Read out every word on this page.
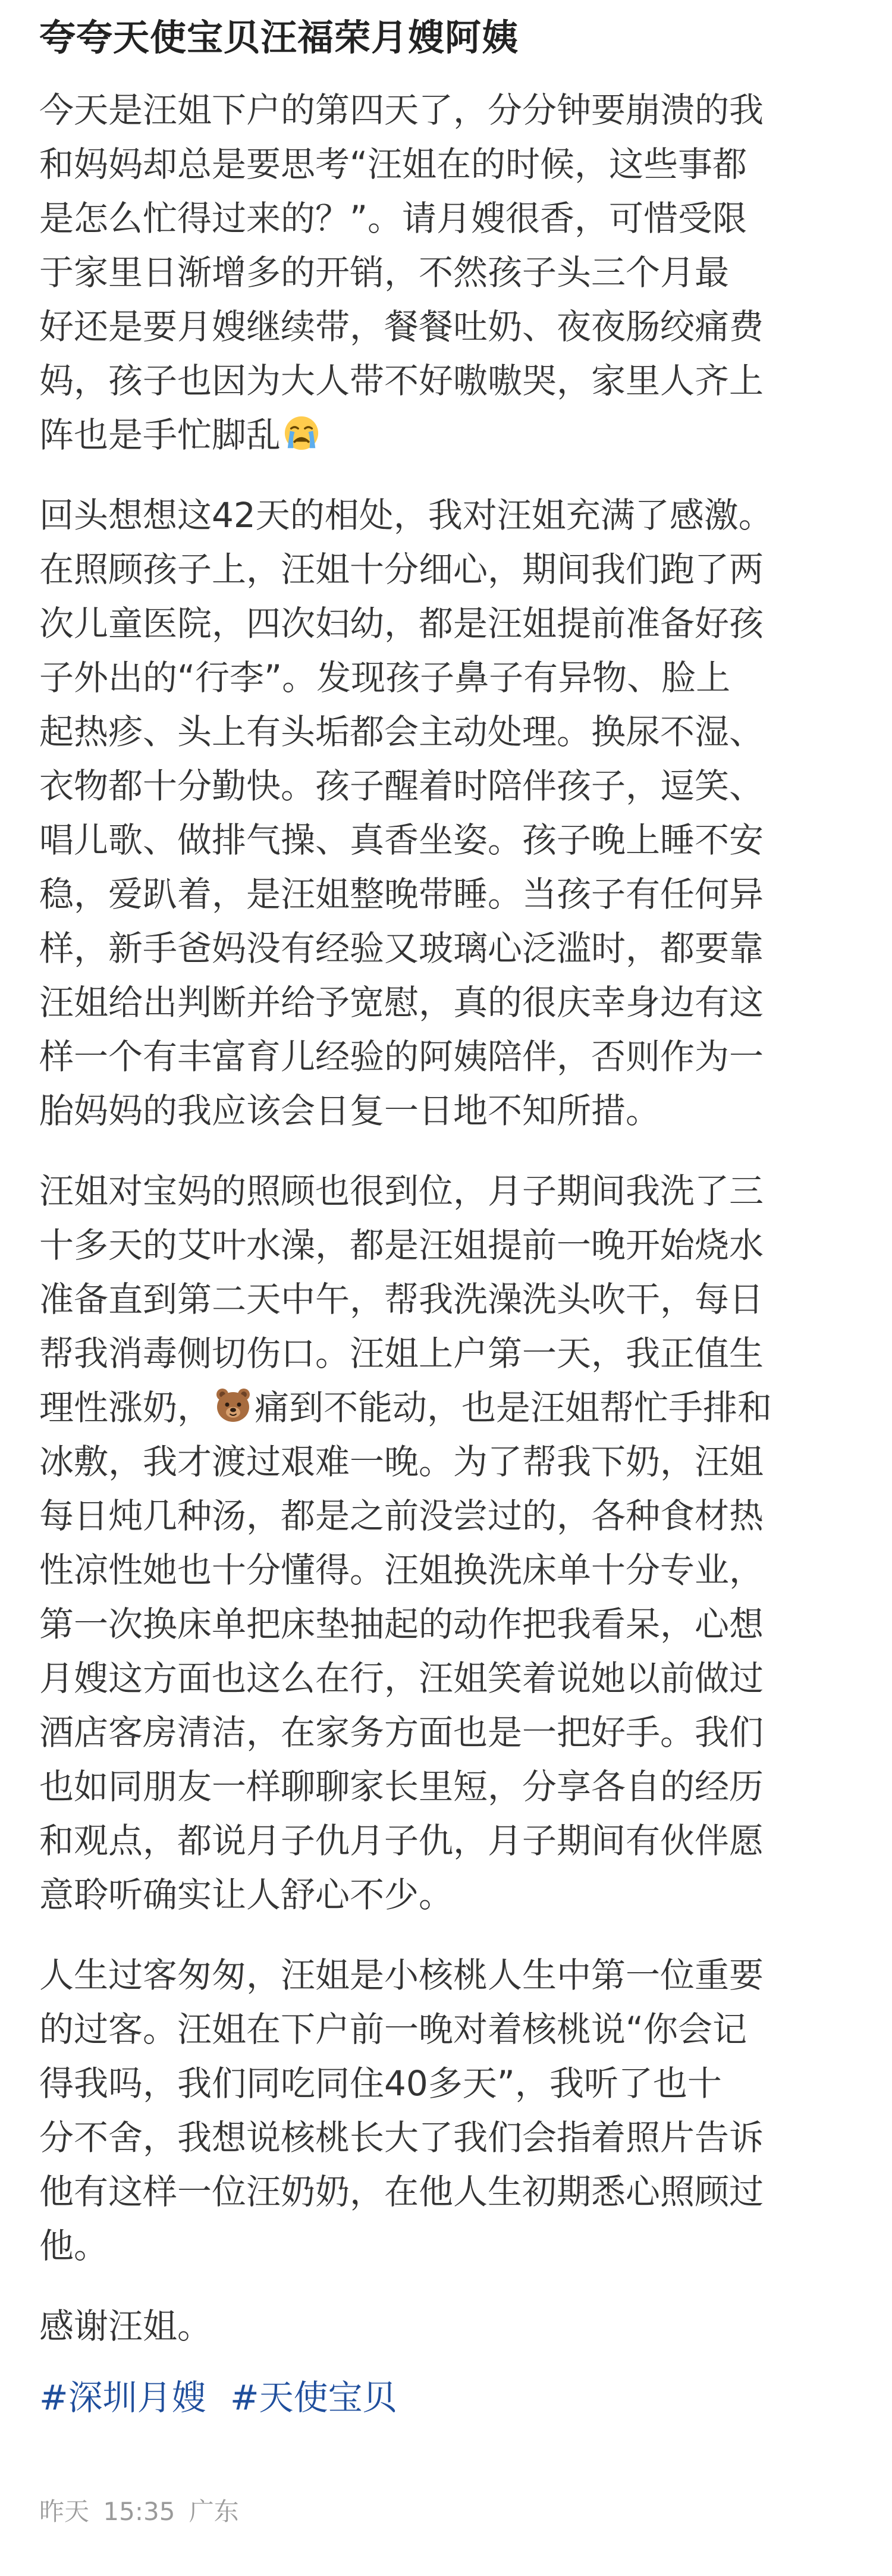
夸夸天使宝贝汪福荣月嫂阿姨

今天是汪姐下户的第四天了，分分钟要崩溃的我
和妈妈却总是要思考“汪姐在的时候，这些事都
是怎么忙得过来的？”。请月嫂很香，可惜受限
于家里日渐增多的开销，不然孩子头三个月最
好还是要月嫂继续带，餐餐吐奶、夜夜肠绞痛费
妈，孩子也因为大人带不好嗷嗷哭，家里人齐上
阵也是手忙脚乱

回头想想这42天的相处，我对汪姐充满了感激。
在照顾孩子上，汪姐十分细心，期间我们跑了两
次儿童医院，四次妇幼，都是汪姐提前准备好孩
子外出的“行李”。发现孩子鼻子有异物、脸上
起热疹、头上有头垢都会主动处理。换尿不湿、
衣物都十分勤快。孩子醒着时陪伴孩子，逗笑、
唱儿歌、做排气操、真香坐姿。孩子晚上睡不安
稳，爱趴着，是汪姐整晚带睡。当孩子有任何异
样，新手爸妈没有经验又玻璃心泛滥时，都要靠
汪姐给出判断并给予宽慰，真的很庆幸身边有这
样一个有丰富育儿经验的阿姨陪伴，否则作为一
胎妈妈的我应该会日复一日地不知所措。

汪姐对宝妈的照顾也很到位，月子期间我洗了三
十多天的艾叶水澡，都是汪姐提前一晚开始烧水
准备直到第二天中午，帮我洗澡洗头吹干，每日
帮我消毒侧切伤口。汪姐上户第一天，我正值生
理性涨奶， 痛到不能动，也是汪姐帮忙手排和
冰敷，我才渡过艰难一晚。为了帮我下奶，汪姐
每日炖几种汤，都是之前没尝过的，各种食材热
性凉性她也十分懂得。汪姐换洗床单十分专业，
第一次换床单把床垫抽起的动作把我看呆，心想
月嫂这方面也这么在行，汪姐笑着说她以前做过
酒店客房清洁，在家务方面也是一把好手。我们
也如同朋友一样聊聊家长里短，分享各自的经历
和观点，都说月子仇月子仇，月子期间有伙伴愿
意聆听确实让人舒心不少。

人生过客匆匆，汪姐是小核桃人生中第一位重要
的过客。汪姐在下户前一晚对着核桃说“你会记
得我吗，我们同吃同住40多天”，我听了也十
分不舍，我想说核桃长大了我们会指着照片告诉
他有这样一位汪奶奶，在他人生初期悉心照顾过
他。

感谢汪姐。

#深圳月嫂 #天使宝贝
昨天 15:35 广东
